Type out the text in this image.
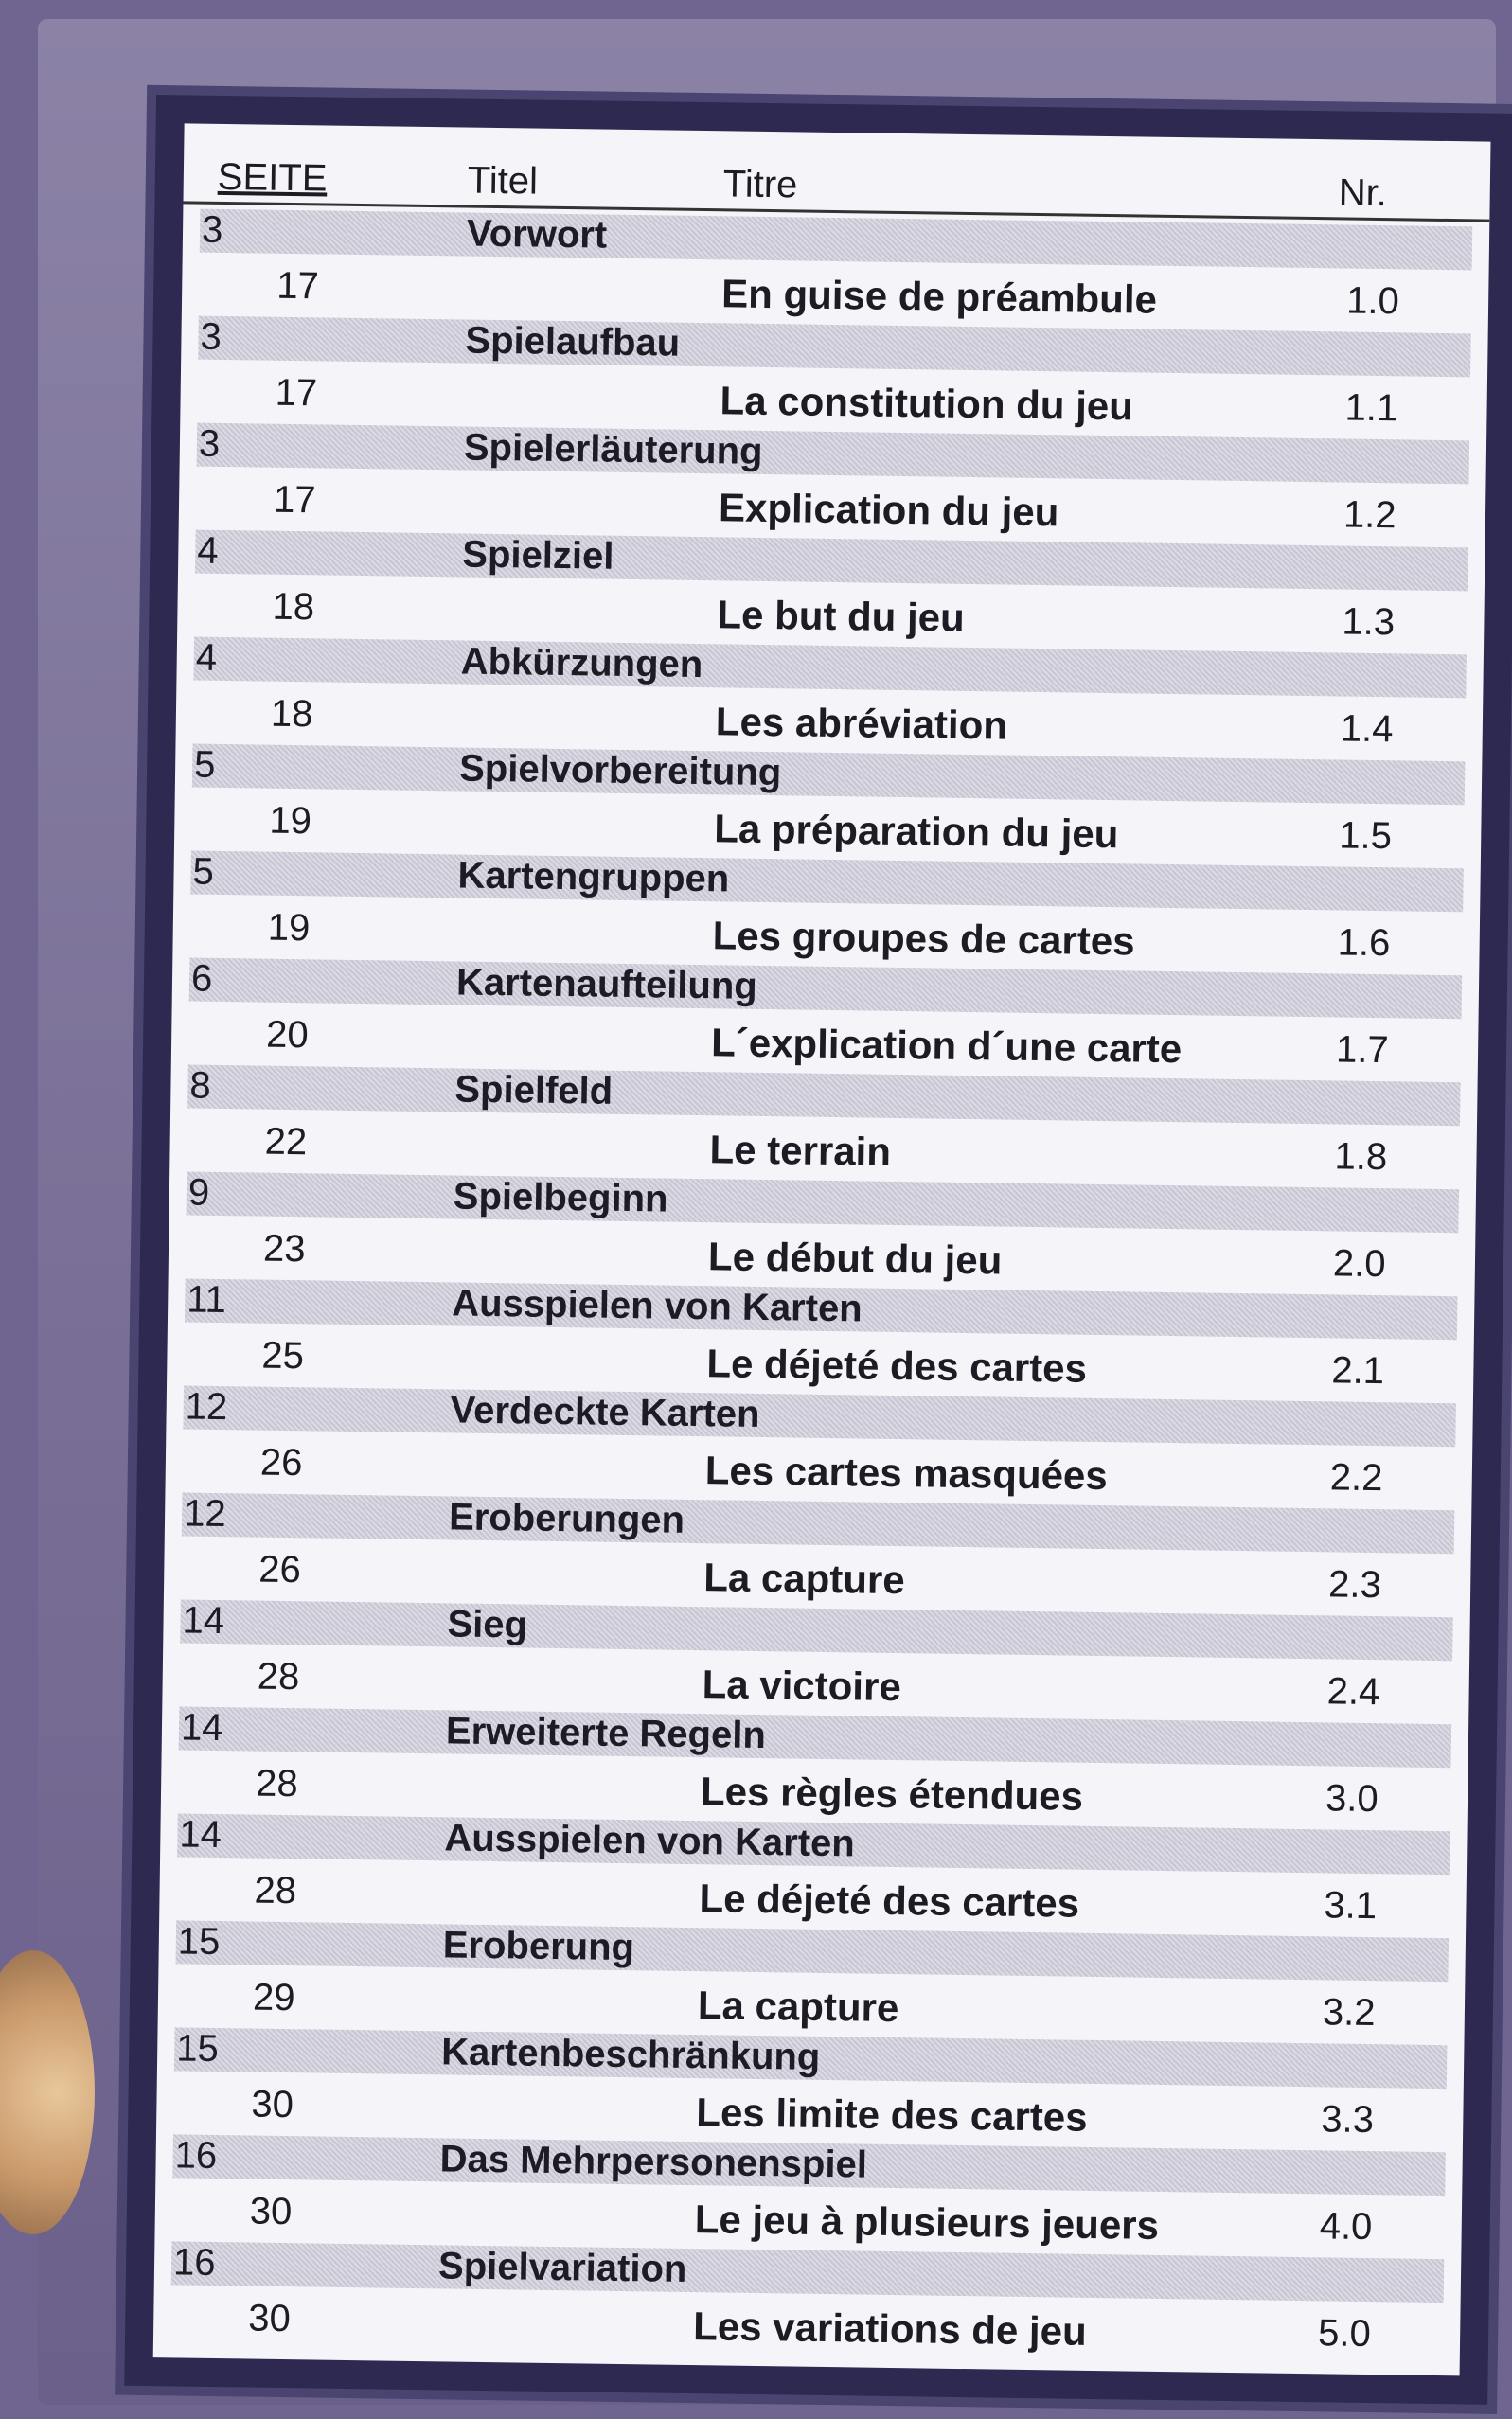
SEITE	Titel	Titre	Nr.
3	Vorwort
17	En guise de préambule	1.0
3	Spielaufbau
17	La constitution du jeu	1.1
3	Spielerläuterung
17	Explication du jeu	1.2
4	Spielziel
18	Le but du jeu	1.3
4	Abkürzungen
18	Les abréviation	1.4
5	Spielvorbereitung
19	La préparation du jeu	1.5
5	Kartengruppen
19	Les groupes de cartes	1.6
6	Kartenaufteilung
20	L´explication d´une carte	1.7
8	Spielfeld
22	Le terrain	1.8
9	Spielbeginn
23	Le début du jeu	2.0
11	Ausspielen von Karten
25	Le déjeté des cartes	2.1
12	Verdeckte Karten
26	Les cartes masquées	2.2
12	Eroberungen
26	La capture	2.3
14	Sieg
28	La victoire	2.4
14	Erweiterte Regeln
28	Les règles étendues	3.0
14	Ausspielen von Karten
28	Le déjeté des cartes	3.1
15	Eroberung
29	La capture	3.2
15	Kartenbeschränkung
30	Les limite des cartes	3.3
16	Das Mehrpersonenspiel
30	Le jeu à plusieurs jeuers	4.0
16	Spielvariation
30	Les variations de jeu	5.0
